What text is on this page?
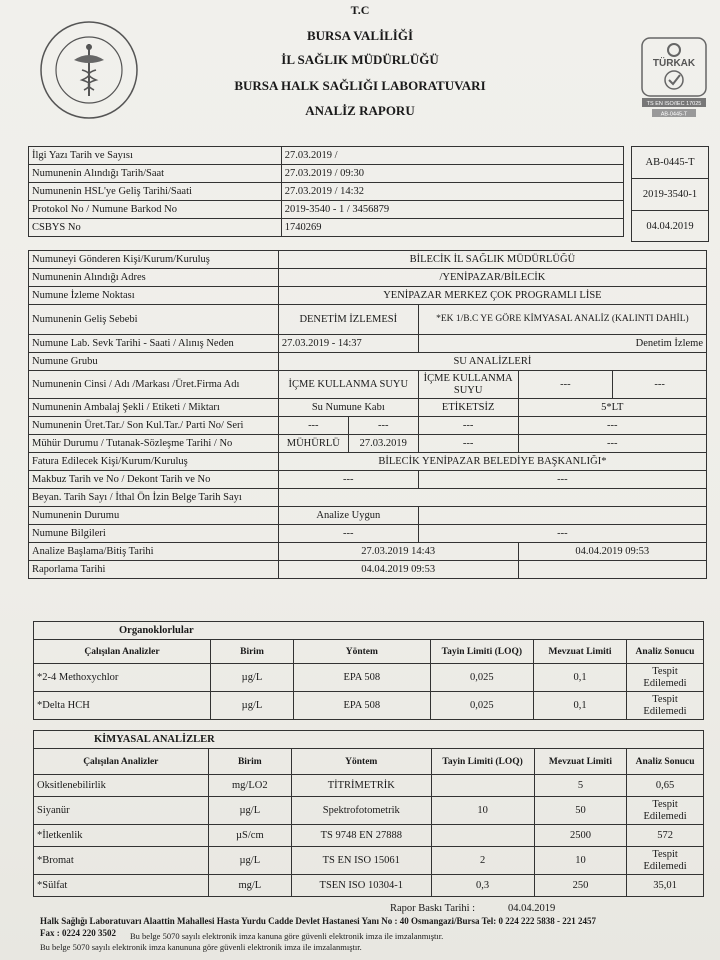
TÜRKAK
TS EN ISO/IEC 17025
AB-0445-T
T.C
BURSA VALİLİĞİ
İL SAĞLIK MÜDÜRLÜĞÜ
BURSA HALK SAĞLIĞI LABORATUVARI
ANALİZ RAPORU
İlgi Yazı Tarih ve Sayısı	27.03.2019 /
Numunenin Alındığı Tarih/Saat	27.03.2019 / 09:30
Numunenin HSL'ye Geliş Tarihi/Saati	27.03.2019 / 14:32
Protokol No / Numune Barkod No	2019-3540 - 1 / 3456879
CSBYS No	1740269
AB-0445-T
2019-3540-1
04.04.2019
Numuneyi Gönderen Kişi/Kurum/Kuruluş	BİLECİK İL SAĞLIK MÜDÜRLÜĞÜ				
Numunenin Alındığı Adres	/YENİPAZAR/BİLECİK				
Numune İzleme Noktası	YENİPAZAR MERKEZ ÇOK PROGRAMLI LİSE				
Numunenin Geliş Sebebi	DENETİM İZLEMESİ		*EK 1/B.C YE GÖRE KİMYASAL ANALİZ (KALINTI DAHİL)		
Numune Lab. Sevk Tarihi - Saati / Alınış Neden	27.03.2019 - 14:37		Denetim İzleme		
Numune Grubu	SU ANALİZLERİ				
Numunenin Cinsi / Adı /Markası /Üret.Firma Adı	İÇME KULLANMA SUYU		İÇME KULLANMA SUYU	---	---
Numunenin Ambalaj Şekli / Etiketi / Miktarı	Su Numune Kabı		ETİKETSİZ	5*LT	
Numunenin Üret.Tar./ Son Kul.Tar./ Parti No/ Seri	---	---	---	---	
Mühür Durumu / Tutanak-Sözleşme Tarihi / No	MÜHÜRLÜ	27.03.2019	---	---	
Fatura Edilecek Kişi/Kurum/Kuruluş	BİLECİK YENİPAZAR BELEDİYE BAŞKANLIĞI*				
Makbuz Tarih ve No / Dekont Tarih ve No	---		---		
Beyan. Tarih Sayı / İthal Ön İzin Belge Tarih Sayı					
Numunenin Durumu	Analize Uygun				
Numune Bilgileri	---		---		
Analize Başlama/Bitiş Tarihi	27.03.2019 14:43			04.04.2019 09:53	
Raporlama Tarihi	04.04.2019 09:53				
Organoklorlular					
Çalışılan Analizler	Birim	Yöntem	Tayin Limiti (LOQ)	Mevzuat Limiti	Analiz Sonucu
*2-4 Methoxychlor	µg/L	EPA 508	0,025	0,1	Tespit Edilemedi
*Delta HCH	µg/L	EPA 508	0,025	0,1	Tespit Edilemedi
KİMYASAL ANALİZLER					
Çalışılan Analizler	Birim	Yöntem	Tayin Limiti (LOQ)	Mevzuat Limiti	Analiz Sonucu
Oksitlenebilirlik	mg/LO2	TİTRİMETRİK		5	0,65
Siyanür	µg/L	Spektrofotometrik	10	50	Tespit Edilemedi
*İletkenlik	µS/cm	TS 9748 EN 27888		2500	572
*Bromat	µg/L	TS EN ISO 15061	2	10	Tespit Edilemedi
*Sülfat	mg/L	TSEN ISO 10304-1	0,3	250	35,01
Rapor Baskı Tarihi :	04.04.2019
Halk Sağlığı Laboratuvarı Alaattin Mahallesi Hasta Yurdu Cadde Devlet Hastanesi Yanı No : 40 Osmangazi/Bursa Tel: 0 224 222 5838 - 221 2457
Fax : 0224 220 3502 Bu belge 5070 sayılı elektronik imza kanuna göre güvenli elektronik imza ile imzalanmıştır.
Bu belge 5070 sayılı elektronik imza kanununa göre güvenli elektronik imza ile imzalanmıştır.
